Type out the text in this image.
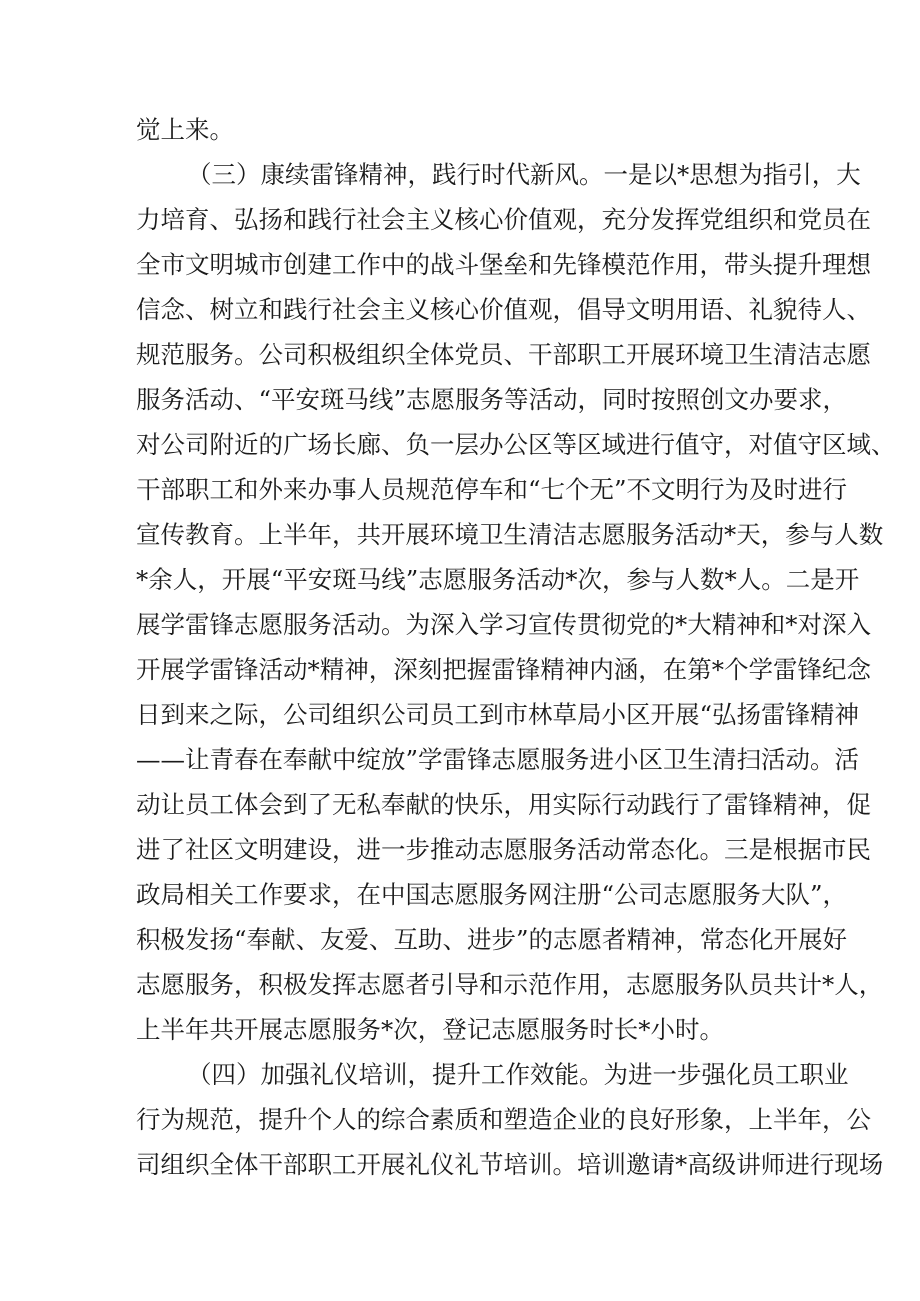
觉上来。
（三）康续雷锋精神，践行时代新风。一是以*思想为指引，大
力培育、弘扬和践行社会主义核心价值观，充分发挥党组织和党员在
全市文明城市创建工作中的战斗堡垒和先锋模范作用，带头提升理想
信念、树立和践行社会主义核心价值观，倡导文明用语、礼貌待人、
规范服务。公司积极组织全体党员、干部职工开展环境卫生清洁志愿
服务活动、“平安斑马线”志愿服务等活动，同时按照创文办要求，
对公司附近的广场长廊、负一层办公区等区域进行值守，对值守区域、
干部职工和外来办事人员规范停车和“七个无”不文明行为及时进行
宣传教育。上半年，共开展环境卫生清洁志愿服务活动*天，参与人数
*余人，开展“平安斑马线”志愿服务活动*次，参与人数*人。二是开
展学雷锋志愿服务活动。为深入学习宣传贯彻党的*大精神和*对深入
开展学雷锋活动*精神，深刻把握雷锋精神内涵，在第*个学雷锋纪念
日到来之际，公司组织公司员工到市林草局小区开展“弘扬雷锋精神
——让青春在奉献中绽放”学雷锋志愿服务进小区卫生清扫活动。活
动让员工体会到了无私奉献的快乐，用实际行动践行了雷锋精神，促
进了社区文明建设，进一步推动志愿服务活动常态化。三是根据市民
政局相关工作要求，在中国志愿服务网注册“公司志愿服务大队”，
积极发扬“奉献、友爱、互助、进步”的志愿者精神，常态化开展好
志愿服务，积极发挥志愿者引导和示范作用，志愿服务队员共计*人，
上半年共开展志愿服务*次，登记志愿服务时长*小时。
（四）加强礼仪培训，提升工作效能。为进一步强化员工职业
行为规范，提升个人的综合素质和塑造企业的良好形象，上半年，公
司组织全体干部职工开展礼仪礼节培训。培训邀请*高级讲师进行现场
